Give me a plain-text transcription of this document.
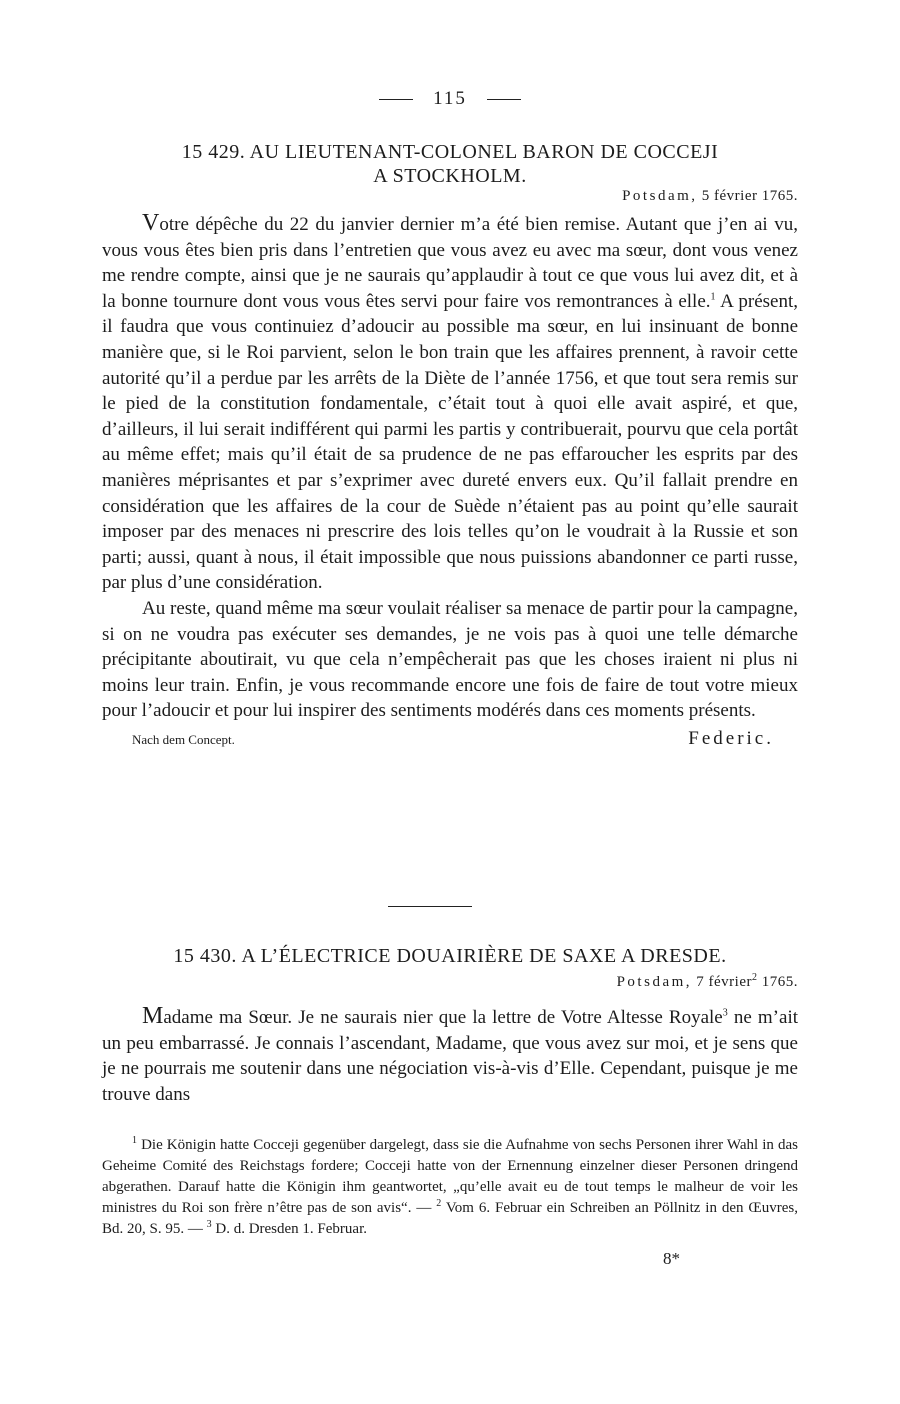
115
15 429. AU LIEUTENANT-COLONEL BARON DE COCCEJI
A STOCKHOLM.
Potsdam, 5 février 1765.

Votre dépêche du 22 du janvier dernier m’a été bien remise. Autant que j’en ai vu, vous vous êtes bien pris dans l’entretien que vous avez eu avec ma sœur, dont vous venez me rendre compte, ainsi que je ne saurais qu’applaudir à tout ce que vous lui avez dit, et à la bonne tournure dont vous vous êtes servi pour faire vos remontrances à elle.$^1$ A présent, il faudra que vous continuiez d’adoucir au possible ma sœur, en lui insinuant de bonne manière que, si le Roi parvient, selon le bon train que les affaires prennent, à ravoir cette autorité qu’il a perdue par les arrêts de la Diète de l’année 1756, et que tout sera remis sur le pied de la constitution fondamentale, c’était tout à quoi elle avait aspiré, et que, d’ailleurs, il lui serait indifférent qui parmi les partis y contribuerait, pourvu que cela portât au même effet; mais qu’il était de sa prudence de ne pas effaroucher les esprits par des manières méprisantes et par s’exprimer avec dureté envers eux. Qu’il fallait prendre en considération que les affaires de la cour de Suède n’étaient pas au point qu’elle saurait imposer par des menaces ni prescrire des lois telles qu’on le voudrait à la Russie et son parti; aussi, quant à nous, il était impossible que nous puissions abandonner ce parti russe, par plus d’une considération.

Au reste, quand même ma sœur voulait réaliser sa menace de partir pour la campagne, si on ne voudra pas exécuter ses demandes, je ne vois pas à quoi une telle démarche précipitante aboutirait, vu que cela n’empêcherait pas que les choses iraient ni plus ni moins leur train. Enfin, je vous recommande encore une fois de faire de tout votre mieux pour l’adoucir et pour lui inspirer des sentiments modérés dans ces moments présents.

Nach dem Concept.	Federic.
15 430. A L’ÉLECTRICE DOUAIRIÈRE DE SAXE A DRESDE.
Potsdam, 7 février$^2$ 1765.

Madame ma Sœur. Je ne saurais nier que la lettre de Votre Altesse Royale$^3$ ne m’ait un peu embarrassé. Je connais l’ascendant, Madame, que vous avez sur moi, et je sens que je ne pourrais me soutenir dans une négociation vis-à-vis d’Elle. Cependant, puisque je me trouve dans

$^1$ Die Königin hatte Cocceji gegenüber dargelegt, dass sie die Aufnahme von sechs Personen ihrer Wahl in das Geheime Comité des Reichstags fordere; Cocceji hatte von der Ernennung einzelner dieser Personen dringend abgerathen. Darauf hatte die Königin ihm geantwortet, „qu’elle avait eu de tout temps le malheur de voir les ministres du Roi son frère n’être pas de son avis“. — $^2$ Vom 6. Februar ein Schreiben an Pöllnitz in den Œuvres, Bd. 20, S. 95. — $^3$ D. d. Dresden 1. Februar.

8*
